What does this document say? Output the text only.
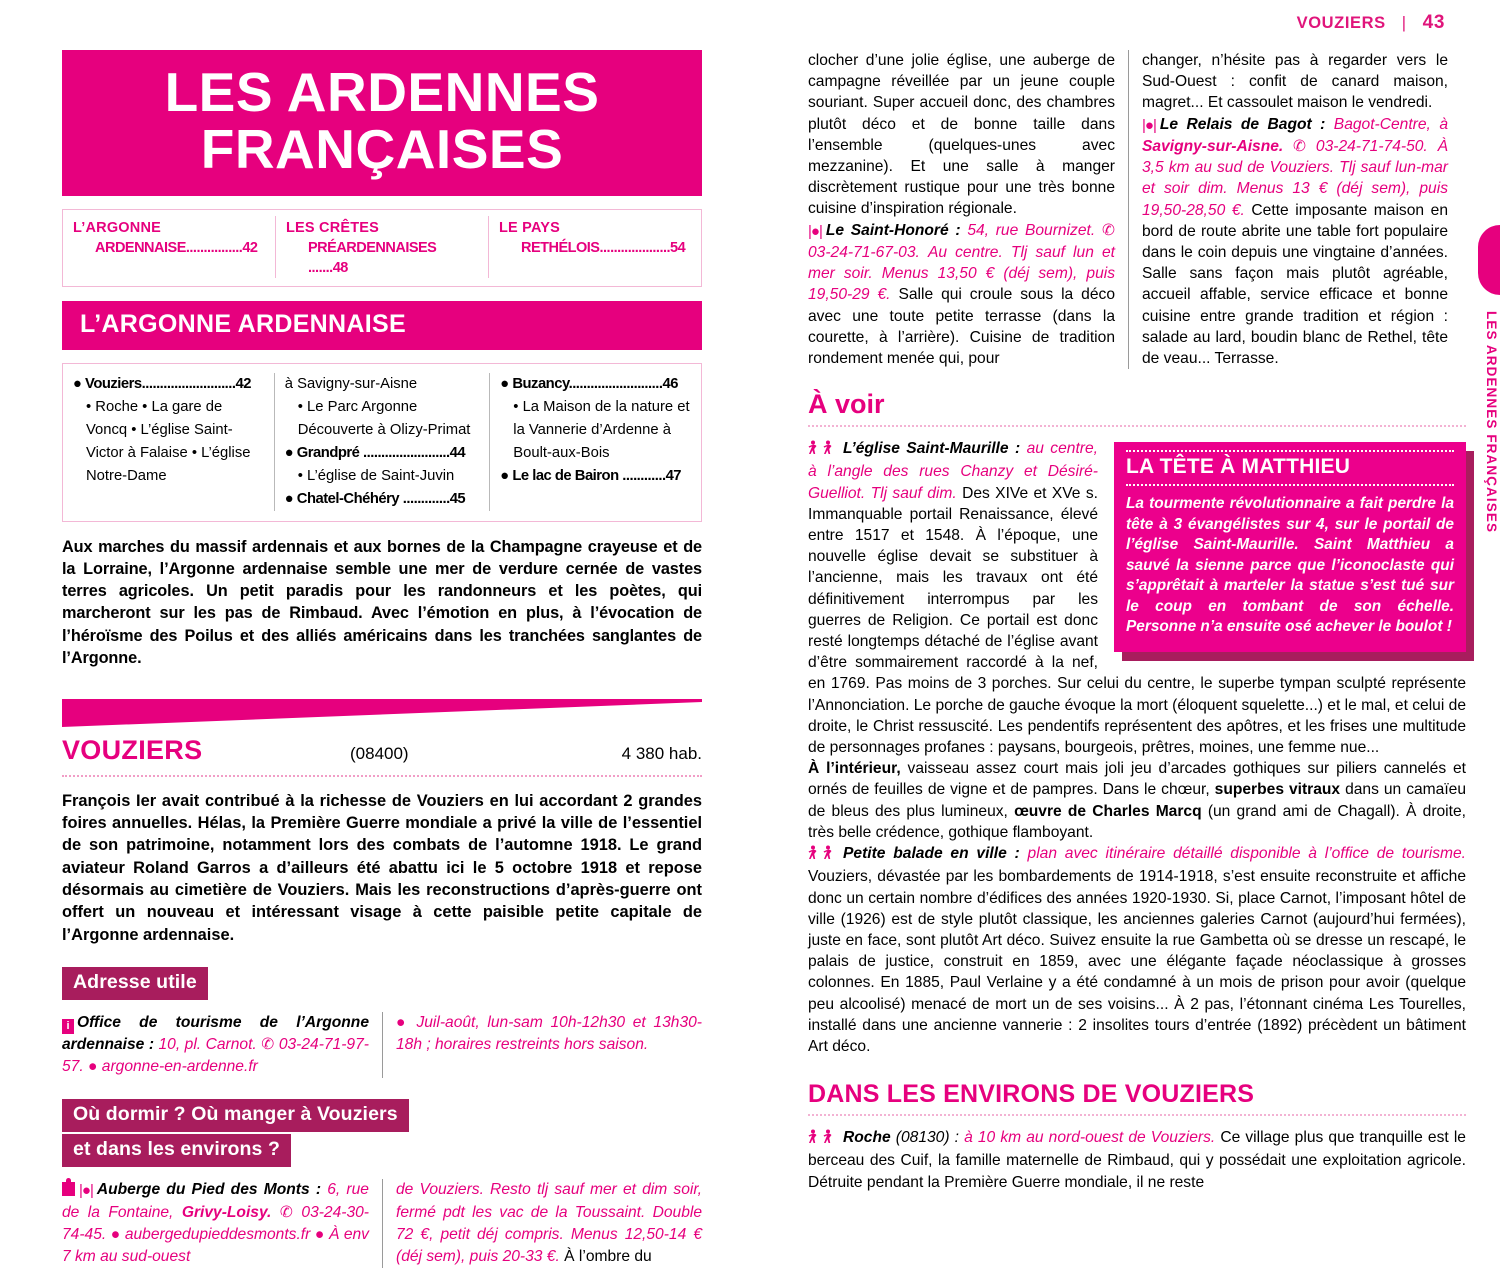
VOUZIERS | 43
LES ARDENNES
FRANÇAISES
L’ARGONNE
ARDENNAISE................42
LES CRÊTES
PRÉARDENNAISES .......48
LE PAYS
RETHÉLOIS....................54
L’ARGONNE ARDENNAISE
● Vouziers..........................42
• Roche • La gare de Voncq • L’église Saint-Victor à Falaise • L’église Notre-Dame
à Savigny-sur-Aisne
• Le Parc Argonne Découverte à Olizy-Primat
● Grandpré ........................44
• L’église de Saint-Juvin
● Chatel-Chéhéry .............45
● Buzancy..........................46
• La Maison de la nature et la Vannerie d’Ardenne à Boult-aux-Bois
● Le lac de Bairon ............47
Aux marches du massif ardennais et aux bornes de la Champagne crayeuse et de la Lorraine, l’Argonne ardennaise semble une mer de verdure cernée de vastes terres agricoles. Un petit paradis pour les randonneurs et les poètes, qui marcheront sur les pas de Rimbaud. Avec l’émotion en plus, à l’évocation de l’héroïsme des Poilus et des alliés américains dans les tranchées sanglantes de l’Argonne.
VOUZIERS	(08400)	4 380 hab.
François Ier avait contribué à la richesse de Vouziers en lui accordant 2 grandes foires annuelles. Hélas, la Première Guerre mondiale a privé la ville de l’essentiel de son patrimoine, notamment lors des combats de l’automne 1918. Le grand aviateur Roland Garros a d’ailleurs été abattu ici le 5 octobre 1918 et repose désormais au cimetière de Vouziers. Mais les reconstructions d’après-guerre ont offert un nouveau et intéressant visage à cette paisible petite capitale de l’Argonne ardennaise.
Adresse utile
i Office de tourisme de l’Argonne ardennaise : 10, pl. Carnot. ✆ 03-24-71-97-57. ● argonne-en-ardenne.fr
● Juil-août, lun-sam 10h-12h30 et 13h30-18h ; horaires restreints hors saison.
Où dormir ? Où manger à Vouziers
et dans les environs ?
|●| Auberge du Pied des Monts : 6, rue de la Fontaine, Grivy-Loisy. ✆ 03-24-30-74-45. ● aubergedupieddesmonts.fr ● À env 7 km au sud-ouest
de Vouziers. Resto tlj sauf mer et dim soir, fermé pdt les vac de la Toussaint. Double 72 €, petit déj compris. Menus 12,50-14 € (déj sem), puis 20-33 €. À l’ombre du
clocher d’une jolie église, une auberge de campagne réveillée par un jeune couple souriant. Super accueil donc, des chambres plutôt déco et de bonne taille dans l’ensemble (quelques-unes avec mezzanine). Et une salle à manger discrètement rustique pour une très bonne cuisine d’inspiration régionale.
|●| Le Saint-Honoré : 54, rue Bournizet. ✆ 03-24-71-67-03. Au centre. Tlj sauf lun et mer soir. Menus 13,50 € (déj sem), puis 19,50-29 €. Salle qui croule sous la déco avec une toute petite terrasse (dans la courette, à l’arrière). Cuisine de tradition rondement menée qui, pour
changer, n’hésite pas à regarder vers le Sud-Ouest : confit de canard maison, magret... Et cassoulet maison le vendredi.
|●| Le Relais de Bagot : Bagot-Centre, à Savigny-sur-Aisne. ✆ 03-24-71-74-50. À 3,5 km au sud de Vouziers. Tlj sauf lun-mar et soir dim. Menus 13 € (déj sem), puis 19,50-28,50 €. Cette imposante maison en bord de route abrite une table fort populaire dans le coin depuis une vingtaine d’années. Salle sans façon mais plutôt agréable, accueil affable, service efficace et bonne cuisine entre grande tradition et région : salade au lard, boudin blanc de Rethel, tête de veau... Terrasse.
À voir
LA TÊTE À MATTHIEU
La tourmente révolutionnaire a fait perdre la tête à 3 évangélistes sur 4, sur le portail de l’église Saint-Maurille. Saint Matthieu a sauvé la sienne parce que l’iconoclaste qui s’apprêtait à marteler la statue s’est tué sur le coup en tombant de son échelle. Personne n’a ensuite osé achever le boulot !
L’église Saint-Maurille : au centre, à l’angle des rues Chanzy et Désiré-Guelliot. Tlj sauf dim. Des XIVe et XVe s. Immanquable portail Renaissance, élevé entre 1517 et 1548. À l’époque, une nouvelle église devait se substituer à l’ancienne, mais les travaux ont été définitivement interrompus par les guerres de Religion. Ce portail est donc resté longtemps détaché de l’église avant d’être sommairement raccordé à la nef, en 1769. Pas moins de 3 porches. Sur celui du centre, le superbe tympan sculpté représente l’Annonciation. Le porche de gauche évoque la mort (éloquent squelette...) et le mal, et celui de droite, le Christ ressuscité. Les pendentifs représentent des apôtres, et les frises une multitude de personnages profanes : paysans, bourgeois, prêtres, moines, une femme nue...
À l’intérieur, vaisseau assez court mais joli jeu d’arcades gothiques sur piliers cannelés et ornés de feuilles de vigne et de pampres. Dans le chœur, superbes vitraux dans un camaïeu de bleus des plus lumineux, œuvre de Charles Marcq (un grand ami de Chagall). À droite, très belle crédence, gothique flamboyant.
Petite balade en ville : plan avec itinéraire détaillé disponible à l’office de tourisme. Vouziers, dévastée par les bombardements de 1914-1918, s’est ensuite reconstruite et affiche donc un certain nombre d’édifices des années 1920-1930. Si, place Carnot, l’imposant hôtel de ville (1926) est de style plutôt classique, les anciennes galeries Carnot (aujourd’hui fermées), juste en face, sont plutôt Art déco. Suivez ensuite la rue Gambetta où se dresse un rescapé, le palais de justice, construit en 1859, avec une élégante façade néoclassique à grosses colonnes. En 1885, Paul Verlaine y a été condamné à un mois de prison pour avoir (quelque peu alcoolisé) menacé de mort un de ses voisins... À 2 pas, l’étonnant cinéma Les Tourelles, installé dans une ancienne vannerie : 2 insolites tours d’entrée (1892) précèdent un bâtiment Art déco.
DANS LES ENVIRONS DE VOUZIERS
Roche (08130) : à 10 km au nord-ouest de Vouziers. Ce village plus que tranquille est le berceau des Cuif, la famille maternelle de Rimbaud, qui y possédait une exploitation agricole. Détruite pendant la Première Guerre mondiale, il ne reste
LES ARDENNES FRANÇAISES
